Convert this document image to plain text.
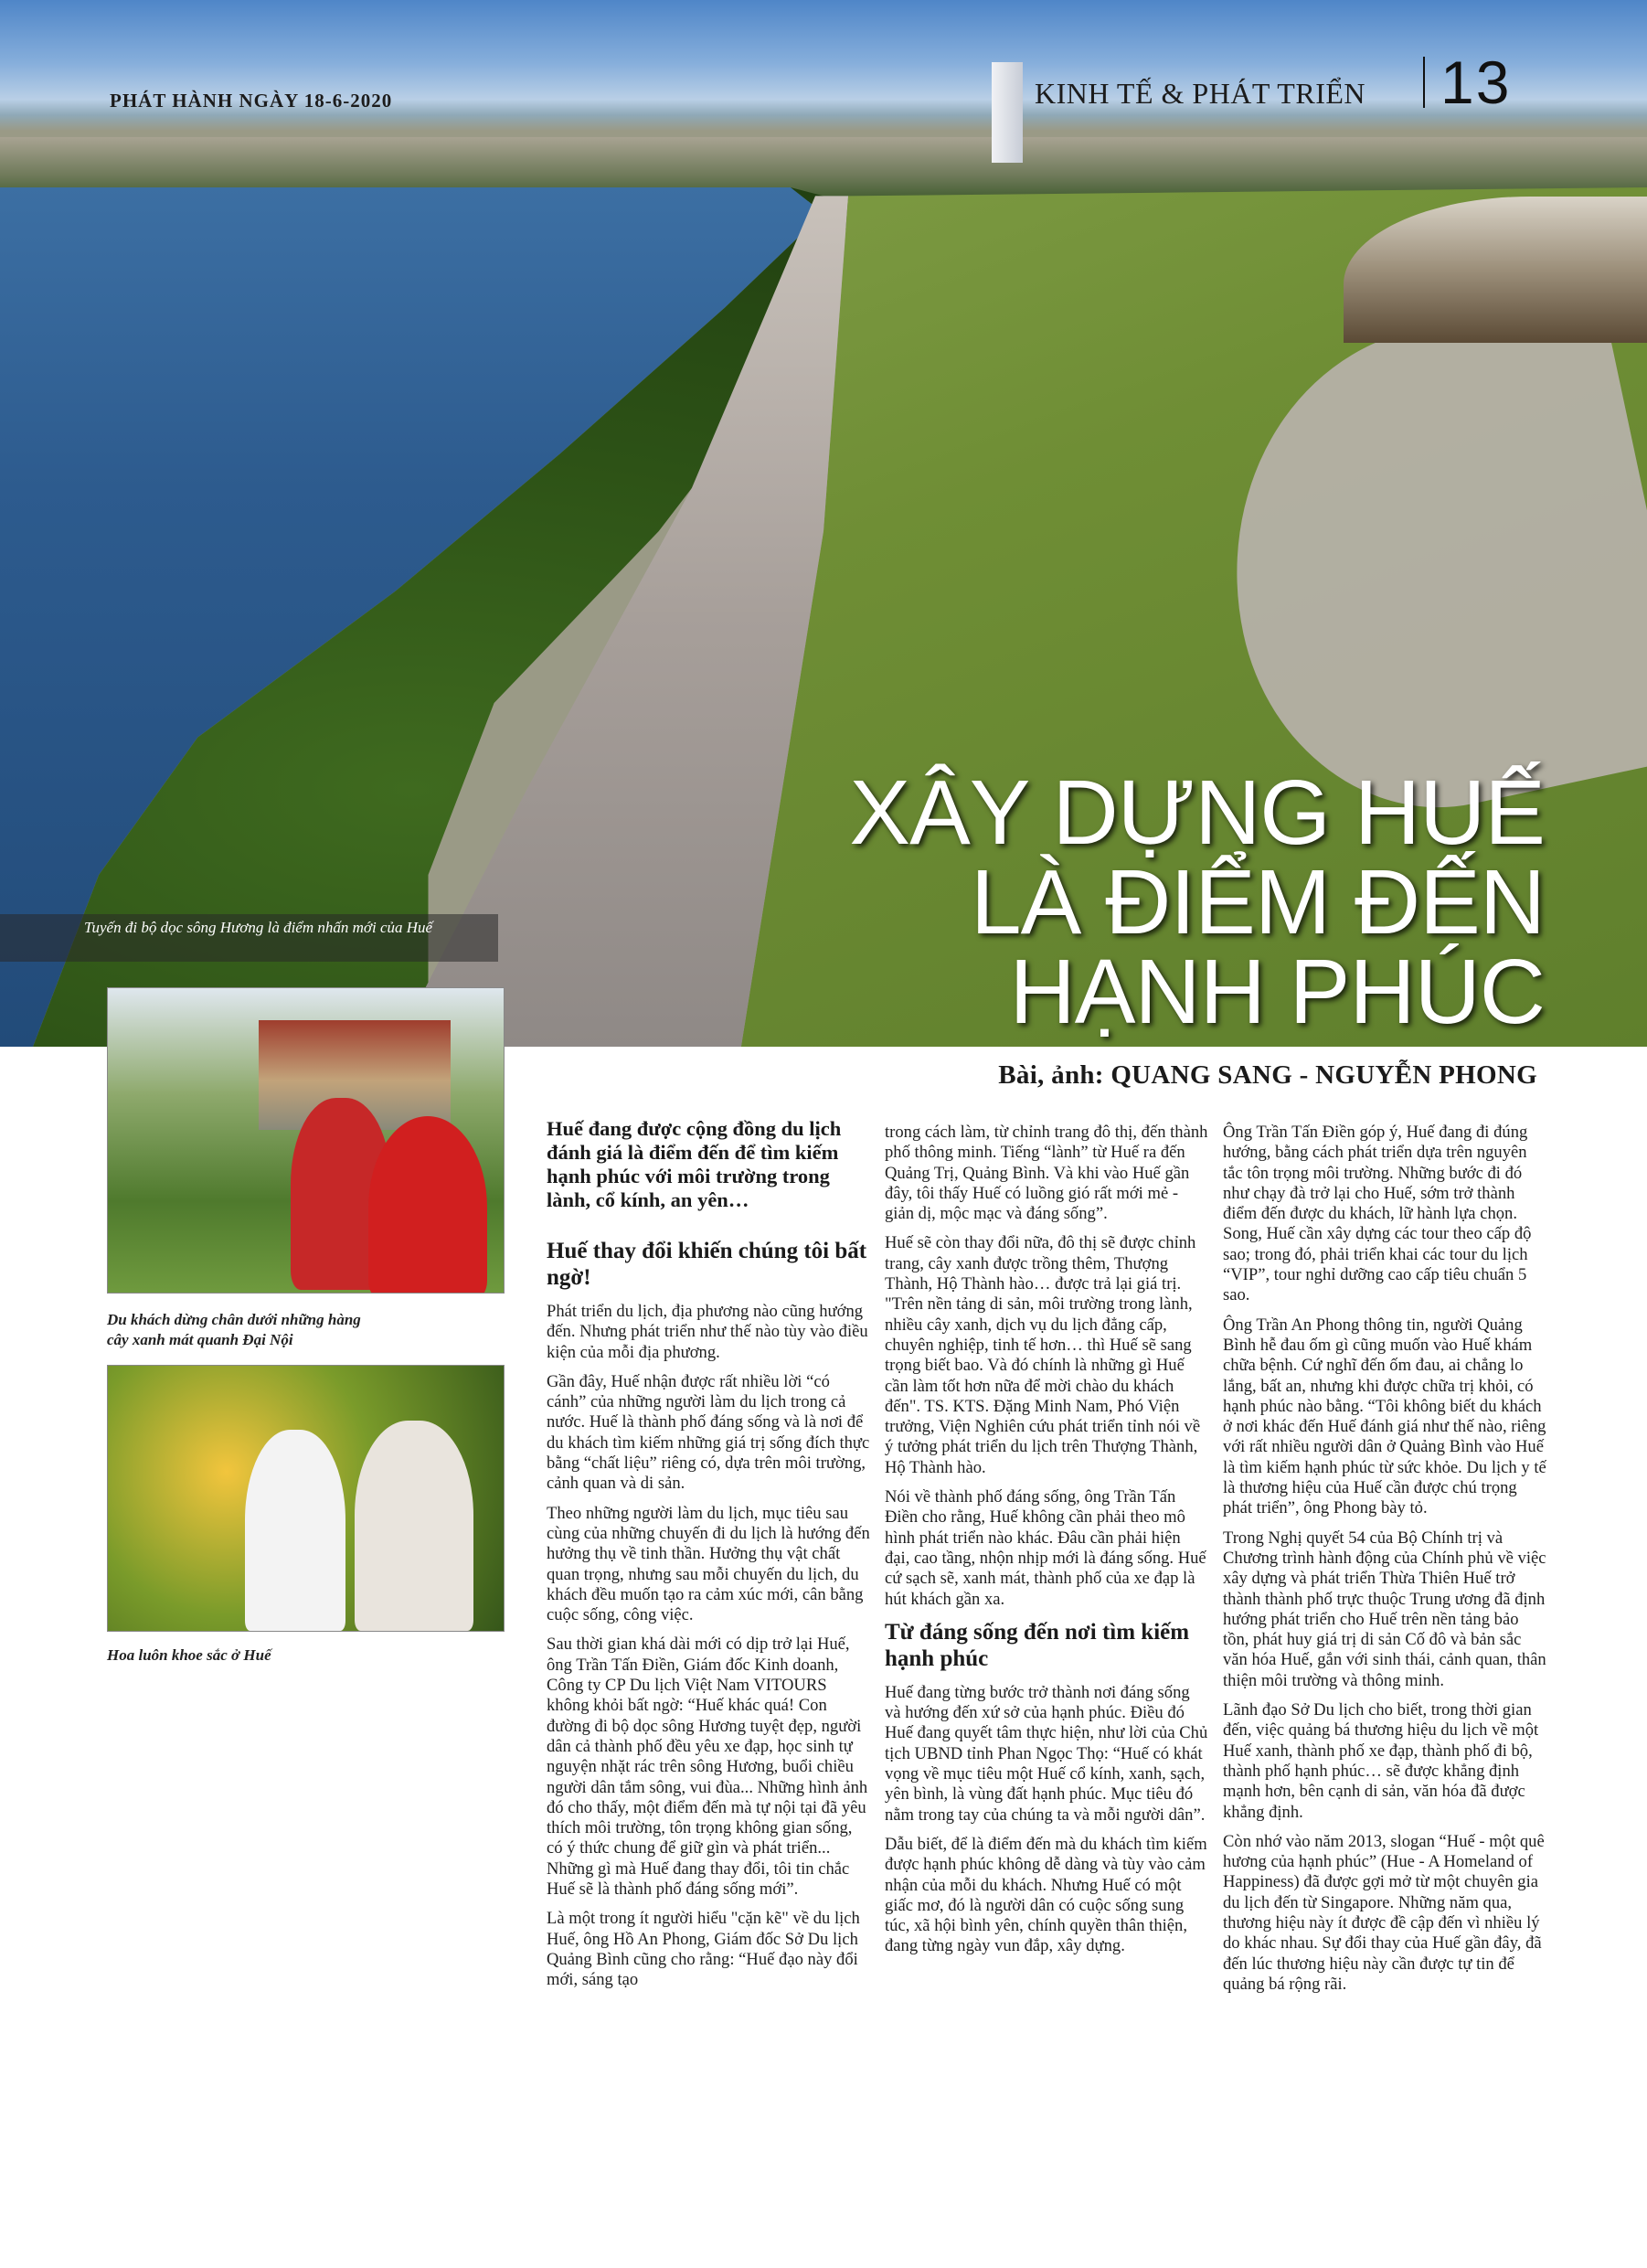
PHÁT HÀNH NGÀY 18-6-2020	KINH TẾ & PHÁT TRIỂN 13
XÂY DỰNG HUẾ
LÀ ĐIỂM ĐẾN
HẠNH PHÚC
Tuyến đi bộ dọc sông Hương là điểm nhấn mới của Huế
Bài, ảnh: QUANG SANG - NGUYỄN PHONG
Du khách dừng chân dưới những hàng cây xanh mát quanh Đại Nội
Hoa luôn khoe sắc ở Huế

Huế đang được cộng đồng du lịch đánh giá là điểm đến để tìm kiếm hạnh phúc với môi trường trong lành, cổ kính, an yên…

Huế thay đổi khiến chúng tôi bất ngờ!

Phát triển du lịch, địa phương nào cũng hướng đến. Nhưng phát triển như thế nào tùy vào điều kiện của mỗi địa phương.

Gần đây, Huế nhận được rất nhiều lời “có cánh” của những người làm du lịch trong cả nước. Huế là thành phố đáng sống và là nơi để du khách tìm kiếm những giá trị sống đích thực bằng “chất liệu” riêng có, dựa trên môi trường, cảnh quan và di sản.

Theo những người làm du lịch, mục tiêu sau cùng của những chuyến đi du lịch là hướng đến hưởng thụ về tinh thần. Hưởng thụ vật chất quan trọng, nhưng sau mỗi chuyến du lịch, du khách đều muốn tạo ra cảm xúc mới, cân bằng cuộc sống, công việc.

Sau thời gian khá dài mới có dịp trở lại Huế, ông Trần Tấn Điền, Giám đốc Kinh doanh, Công ty CP Du lịch Việt Nam VITOURS không khỏi bất ngờ: “Huế khác quá! Con đường đi bộ dọc sông Hương tuyệt đẹp, người dân cả thành phố đều yêu xe đạp, học sinh tự nguyện nhặt rác trên sông Hương, buổi chiều người dân tắm sông, vui đùa... Những hình ảnh đó cho thấy, một điểm đến mà tự nội tại đã yêu thích môi trường, tôn trọng không gian sống, có ý thức chung để giữ gìn và phát triển... Những gì mà Huế đang thay đổi, tôi tin chắc Huế sẽ là thành phố đáng sống mới”.

Là một trong ít người hiểu "cặn kẽ" về du lịch Huế, ông Hồ An Phong, Giám đốc Sở Du lịch Quảng Bình cũng cho rằng: “Huế đạo này đổi mới, sáng tạo

trong cách làm, từ chỉnh trang đô thị, đến thành phố thông minh. Tiếng “lành” từ Huế ra đến Quảng Trị, Quảng Bình. Và khi vào Huế gần đây, tôi thấy Huế có luồng gió rất mới mẻ - giản dị, mộc mạc và đáng sống”.

Huế sẽ còn thay đổi nữa, đô thị sẽ được chỉnh trang, cây xanh được trồng thêm, Thượng Thành, Hộ Thành hào… được trả lại giá trị. "Trên nền tảng di sản, môi trường trong lành, nhiều cây xanh, dịch vụ du lịch đẳng cấp, chuyên nghiệp, tinh tế hơn… thì Huế sẽ sang trọng biết bao. Và đó chính là những gì Huế cần làm tốt hơn nữa để mời chào du khách đến". TS. KTS. Đặng Minh Nam, Phó Viện trưởng, Viện Nghiên cứu phát triển tỉnh nói về ý tưởng phát triển du lịch trên Thượng Thành, Hộ Thành hào.

Nói về thành phố đáng sống, ông Trần Tấn Điền cho rằng, Huế không cần phải theo mô hình phát triển nào khác. Đâu cần phải hiện đại, cao tầng, nhộn nhịp mới là đáng sống. Huế cứ sạch sẽ, xanh mát, thành phố của xe đạp là hút khách gần xa.

Từ đáng sống đến nơi tìm kiếm hạnh phúc

Huế đang từng bước trở thành nơi đáng sống và hướng đến xứ sở của hạnh phúc. Điều đó Huế đang quyết tâm thực hiện, như lời của Chủ tịch UBND tỉnh Phan Ngọc Thọ: “Huế có khát vọng về mục tiêu một Huế cổ kính, xanh, sạch, yên bình, là vùng đất hạnh phúc. Mục tiêu đó nằm trong tay của chúng ta và mỗi người dân”.

Dẫu biết, để là điểm đến mà du khách tìm kiếm được hạnh phúc không dễ dàng và tùy vào cảm nhận của mỗi du khách. Nhưng Huế có một giấc mơ, đó là người dân có cuộc sống sung túc, xã hội bình yên, chính quyền thân thiện, đang từng ngày vun đắp, xây dựng.

Ông Trần Tấn Điền góp ý, Huế đang đi đúng hướng, bằng cách phát triển dựa trên nguyên tắc tôn trọng môi trường. Những bước đi đó như chạy đà trở lại cho Huế, sớm trở thành điểm đến được du khách, lữ hành lựa chọn. Song, Huế cần xây dựng các tour theo cấp độ sao; trong đó, phải triển khai các tour du lịch “VIP”, tour nghỉ dưỡng cao cấp tiêu chuẩn 5 sao.

Ông Trần An Phong thông tin, người Quảng Bình hễ đau ốm gì cũng muốn vào Huế khám chữa bệnh. Cứ nghĩ đến ốm đau, ai chẳng lo lắng, bất an, nhưng khi được chữa trị khỏi, có hạnh phúc nào bằng. “Tôi không biết du khách ở nơi khác đến Huế đánh giá như thế nào, riêng với rất nhiều người dân ở Quảng Bình vào Huế là tìm kiếm hạnh phúc từ sức khỏe. Du lịch y tế là thương hiệu của Huế cần được chú trọng phát triển”, ông Phong bày tỏ.

Trong Nghị quyết 54 của Bộ Chính trị và Chương trình hành động của Chính phủ về việc xây dựng và phát triển Thừa Thiên Huế trở thành thành phố trực thuộc Trung ương đã định hướng phát triển cho Huế trên nền tảng bảo tồn, phát huy giá trị di sản Cố đô và bản sắc văn hóa Huế, gắn với sinh thái, cảnh quan, thân thiện môi trường và thông minh.

Lãnh đạo Sở Du lịch cho biết, trong thời gian đến, việc quảng bá thương hiệu du lịch về một Huế xanh, thành phố xe đạp, thành phố đi bộ, thành phố hạnh phúc… sẽ được khẳng định mạnh hơn, bên cạnh di sản, văn hóa đã được khẳng định.

Còn nhớ vào năm 2013, slogan “Huế - một quê hương của hạnh phúc” (Hue - A Homeland of Happiness) đã được gợi mở từ một chuyên gia du lịch đến từ Singapore. Những năm qua, thương hiệu này ít được đề cập đến vì nhiều lý do khác nhau. Sự đổi thay của Huế gần đây, đã đến lúc thương hiệu này cần được tự tin để quảng bá rộng rãi.
